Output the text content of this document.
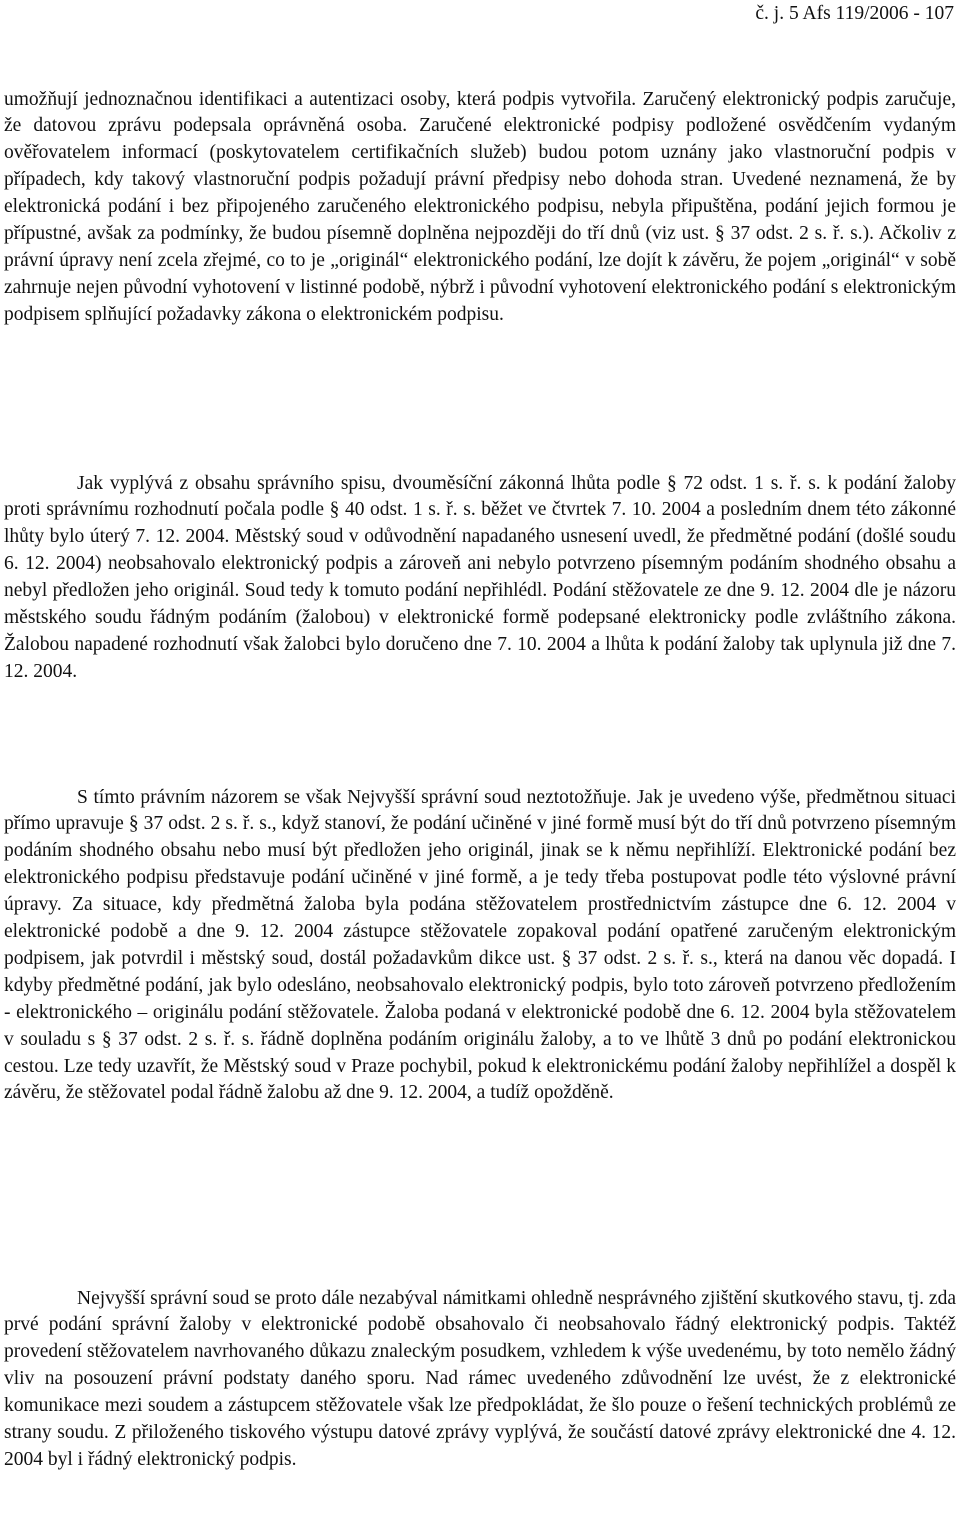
č. j. 5 Afs 119/2006 - 107

umožňují jednoznačnou identifikaci a autentizaci osoby, která podpis vytvořila. Zaručený elektronický podpis zaručuje, že datovou zprávu podepsala oprávněná osoba. Zaručené elektronické podpisy podložené osvědčením vydaným ověřovatelem informací (poskytovatelem certifikačních služeb) budou potom uznány jako vlastnoruční podpis v případech, kdy takový vlastnoruční podpis požadují právní předpisy nebo dohoda stran. Uvedené neznamená, že by elektronická podání i bez připojeného zaručeného elektronického podpisu, nebyla připuštěna, podání jejich formou je přípustné, avšak za podmínky, že budou písemně doplněna nejpozději do tří dnů (viz ust. § 37 odst. 2 s. ř. s.). Ačkoliv z právní úpravy není zcela zřejmé, co to je „originál“ elektronického podání, lze dojít k závěru, že pojem „originál“ v sobě zahrnuje nejen původní vyhotovení v listinné podobě, nýbrž i původní vyhotovení elektronického podání s elektronickým podpisem splňující požadavky zákona o elektronickém podpisu.

Jak vyplývá z obsahu správního spisu, dvouměsíční zákonná lhůta podle § 72 odst. 1 s. ř. s. k podání žaloby proti správnímu rozhodnutí počala podle § 40 odst. 1 s. ř. s. běžet ve čtvrtek 7. 10. 2004 a posledním dnem této zákonné lhůty bylo úterý 7. 12. 2004. Městský soud v odůvodnění napadaného usnesení uvedl, že předmětné podání (došlé soudu 6. 12. 2004) neobsahovalo elektronický podpis a zároveň ani nebylo potvrzeno písemným podáním shodného obsahu a nebyl předložen jeho originál. Soud tedy k tomuto podání nepřihlédl. Podání stěžovatele ze dne 9. 12. 2004 dle je názoru městského soudu řádným podáním (žalobou) v elektronické formě podepsané elektronicky podle zvláštního zákona. Žalobou napadené rozhodnutí však žalobci bylo doručeno dne 7. 10. 2004 a lhůta k podání žaloby tak uplynula již dne 7. 12. 2004.

S tímto právním názorem se však Nejvyšší správní soud neztotožňuje. Jak je uvedeno výše, předmětnou situaci přímo upravuje § 37 odst. 2 s. ř. s., když stanoví, že podání učiněné v jiné formě musí být do tří dnů potvrzeno písemným podáním shodného obsahu nebo musí být předložen jeho originál, jinak se k němu nepřihlíží. Elektronické podání bez elektronického podpisu představuje podání učiněné v jiné formě, a je tedy třeba postupovat podle této výslovné právní úpravy. Za situace, kdy předmětná žaloba byla podána stěžovatelem prostřednictvím zástupce dne 6. 12. 2004 v elektronické podobě a dne 9. 12. 2004 zástupce stěžovatele zopakoval podání opatřené zaručeným elektronickým podpisem, jak potvrdil i městský soud, dostál požadavkům dikce ust. § 37 odst. 2 s. ř. s., která na danou věc dopadá. I kdyby předmětné podání, jak bylo odesláno, neobsahovalo elektronický podpis, bylo toto zároveň potvrzeno předložením - elektronického – originálu podání stěžovatele. Žaloba podaná v elektronické podobě dne 6. 12. 2004 byla stěžovatelem v souladu s § 37 odst. 2 s. ř. s. řádně doplněna podáním originálu žaloby, a to ve lhůtě 3 dnů po podání elektronickou cestou. Lze tedy uzavřít, že Městský soud v Praze pochybil, pokud k elektronickému podání žaloby nepřihlížel a dospěl k závěru, že stěžovatel podal řádně žalobu až dne 9. 12. 2004, a tudíž opožděně.

Nejvyšší správní soud se proto dále nezabýval námitkami ohledně nesprávného zjištění skutkového stavu, tj. zda prvé podání správní žaloby v elektronické podobě obsahovalo či neobsahovalo řádný elektronický podpis. Taktéž provedení stěžovatelem navrhovaného důkazu znaleckým posudkem, vzhledem k výše uvedenému, by toto nemělo žádný vliv na posouzení právní podstaty daného sporu. Nad rámec uvedeného zdůvodnění lze uvést, že z elektronické komunikace mezi soudem a zástupcem stěžovatele však lze předpokládat, že šlo pouze o řešení technických problémů ze strany soudu. Z přiloženého tiskového výstupu datové zprávy vyplývá, že součástí datové zprávy elektronické dne 4. 12. 2004 byl i řádný elektronický podpis.
